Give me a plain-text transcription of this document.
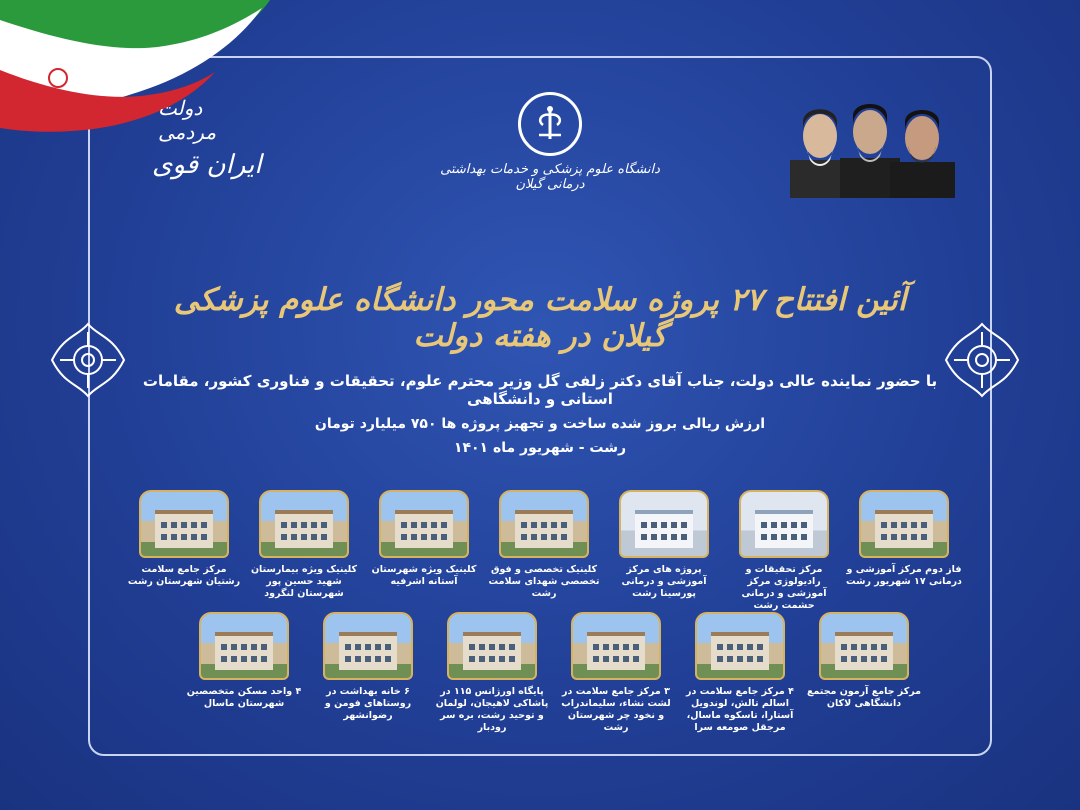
دولت مردمی
ایران قوی	دانشگاه علوم پزشکی و خدمات بهداشتی درمانی گیلان
آئین افتتاح ۲۷ پروژه سلامت محور دانشگاه علوم پزشکی گیلان در هفته دولت
با حضور نماینده عالی دولت، جناب آقای دکتر زلفی گل وزیر محترم علوم، تحقیقات و فناوری کشور، مقامات استانی و دانشگاهی
ارزش ریالی بروز شده ساخت و تجهیز پروژه ها ۷۵۰ میلیارد تومان
رشت - شهریور ماه ۱۴۰۱
فاز دوم مرکز آموزشی و درمانی ۱۷ شهریور رشت
مرکز تحقیقات و رادیولوژی مرکز آموزشی و درمانی حشمت رشت
پروژه های مرکز آموزشی و درمانی پورسینا رشت
کلینیک تخصصی و فوق تخصصی شهدای سلامت رشت
کلینیک ویژه شهرستان آستانه اشرفیه
کلینیک ویژه بیمارستان شهید حسین پور شهرستان لنگرود
مرکز جامع سلامت رشتیان شهرستان رشت
مرکز جامع آرمون مجتمع دانشگاهی لاکان
۴ مرکز جامع سلامت در اسالم تالش، لوندویل آستارا، تاسکوه ماسال، مرجقل صومعه سرا
۳ مرکز جامع سلامت در لشت نشاء، سلیماندراب و نخود چر شهرستان رشت
پایگاه اورژانس ۱۱۵ در پاشاکی لاهیجان، لولمان و توحید رشت، بره سر رودبار
۶ خانه بهداشت در روستاهای فومن و رضوانشهر
۴ واحد مسکن متخصصین شهرستان ماسال
